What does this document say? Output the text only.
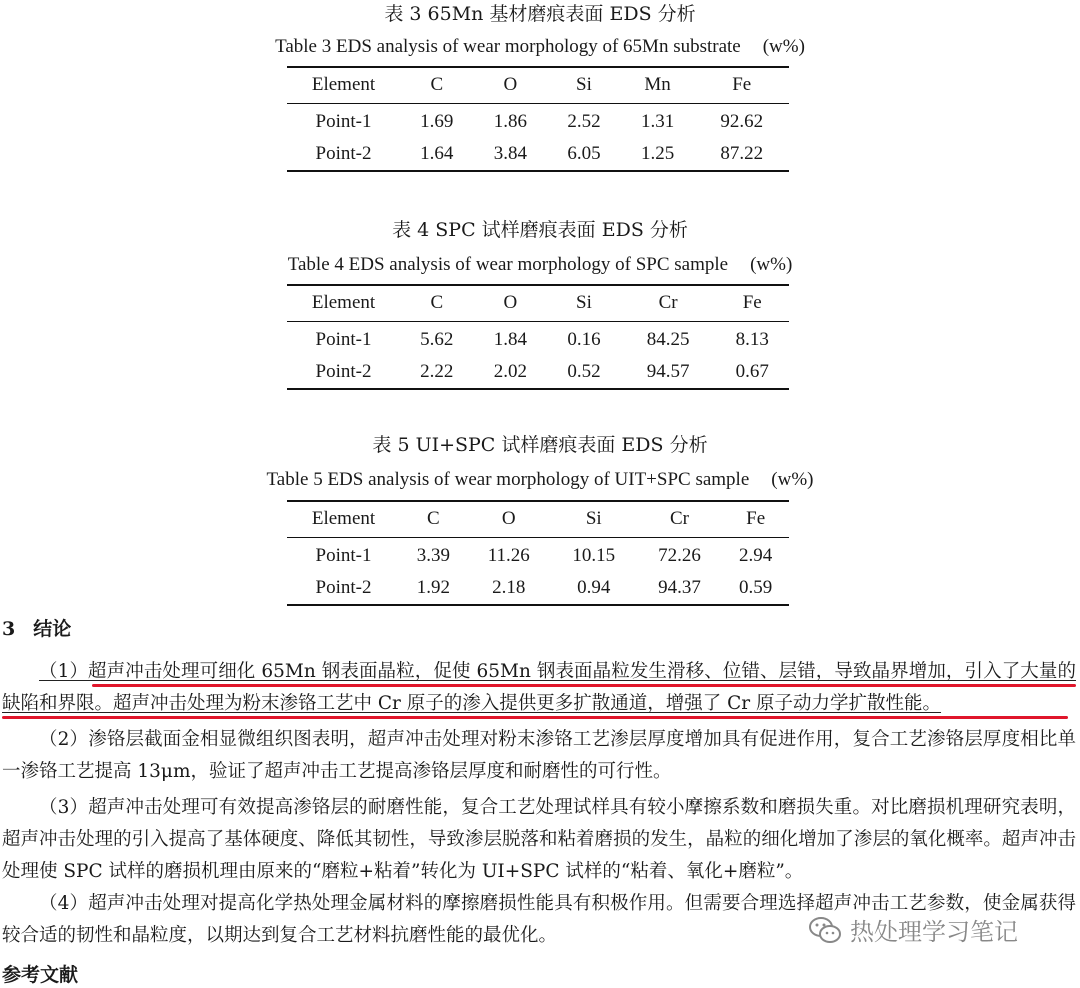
表 3 65Mn 基材磨痕表面 EDS 分析
Table 3 EDS analysis of wear morphology of 65Mn substrate (w%)
Element	C	O	Si	Mn	Fe
Point-1	1.69	1.86	2.52	1.31	92.62
Point-2	1.64	3.84	6.05	1.25	87.22
表 4 SPC 试样磨痕表面 EDS 分析
Table 4 EDS analysis of wear morphology of SPC sample (w%)
Element	C	O	Si	Cr	Fe
Point-1	5.62	1.84	0.16	84.25	8.13
Point-2	2.22	2.02	0.52	94.57	0.67
表 5 UI+SPC 试样磨痕表面 EDS 分析
Table 5 EDS analysis of wear morphology of UIT+SPC sample (w%)
Element	C	O	Si	Cr	Fe
Point-1	3.39	11.26	10.15	72.26	2.94
Point-2	1.92	2.18	0.94	94.37	0.59
3 结论

（1）超声冲击处理可细化 65Mn 钢表面晶粒，促使 65Mn 钢表面晶粒发生滑移、位错、层错，导致晶界增加，引入了大量的缺陷和界限。超声冲击处理为粉末渗铬工艺中 Cr 原子的渗入提供更多扩散通道，增强了 Cr 原子动力学扩散性能。

（2）渗铬层截面金相显微组织图表明，超声冲击处理对粉末渗铬工艺渗层厚度增加具有促进作用，复合工艺渗铬层厚度相比单一渗铬工艺提高 13μm，验证了超声冲击工艺提高渗铬层厚度和耐磨性的可行性。

（3）超声冲击处理可有效提高渗铬层的耐磨性能，复合工艺处理试样具有较小摩擦系数和磨损失重。对比磨损机理研究表明，超声冲击处理的引入提高了基体硬度、降低其韧性，导致渗层脱落和粘着磨损的发生，晶粒的细化增加了渗层的氧化概率。超声冲击处理使 SPC 试样的磨损机理由原来的“磨粒+粘着”转化为 UI+SPC 试样的“粘着、氧化+磨粒”。

（4）超声冲击处理对提高化学热处理金属材料的摩擦磨损性能具有积极作用。但需要合理选择超声冲击工艺参数，使金属获得较合适的韧性和晶粒度，以期达到复合工艺材料抗磨性能的最优化。

参考文献
热处理学习笔记
